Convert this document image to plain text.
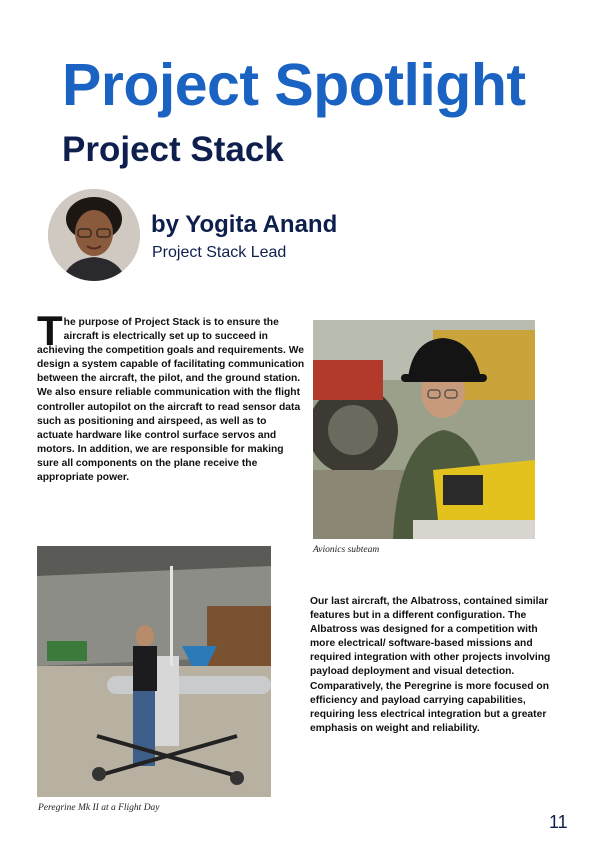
Project Spotlight
Project Stack
by Yogita Anand
Project Stack Lead

The purpose of Project Stack is to ensure the aircraft is electrically set up to succeed in achieving the competition goals and requirements. We design a system capable of facilitating communication between the aircraft, the pilot, and the ground station. We also ensure reliable communication with the flight controller autopilot on the aircraft to read sensor data such as positioning and airspeed, as well as to actuate hardware like control surface servos and motors. In addition, we are responsible for making sure all components on the plane receive the appropriate power.

Avionics subteam
Peregrine Mk II at a Flight Day

Our last aircraft, the Albatross, contained similar features but in a different configuration. The Albatross was designed for a competition with more electrical/ software-based missions and required integration with other projects involving payload deployment and visual detection. Comparatively, the Peregrine is more focused on efficiency and payload carrying capabilities, requiring less electrical integration but a greater emphasis on weight and reliability.

11
